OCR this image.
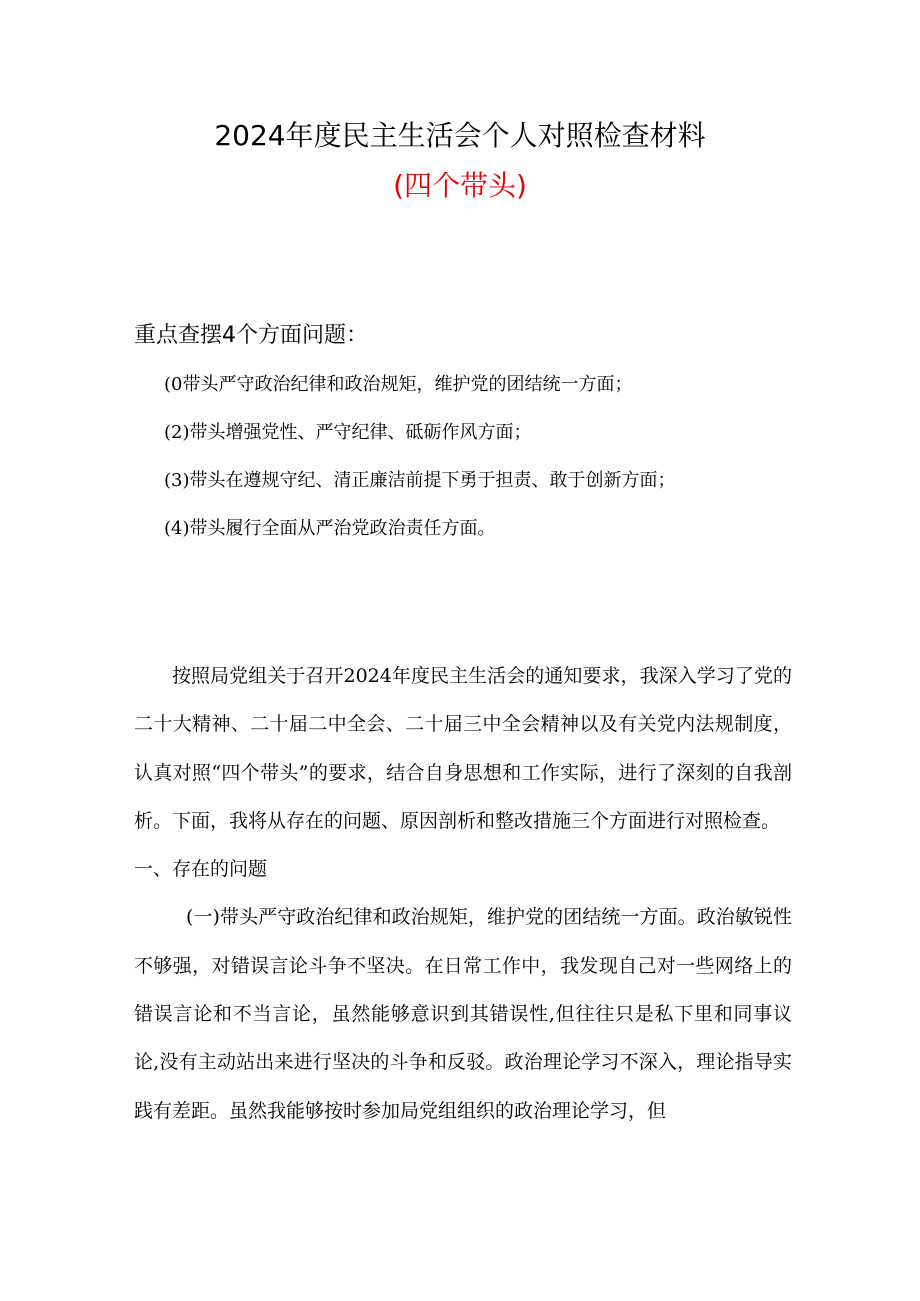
2024年度民主生活会个人对照检查材料
(四个带头)
重点查摆4个方面问题：
(0带头严守政治纪律和政治规矩，维护党的团结统一方面；
(2)带头增强党性、严守纪律、砥砺作风方面；
(3)带头在遵规守纪、清正廉洁前提下勇于担责、敢于创新方面；
(4)带头履行全面从严治党政治责任方面。

按照局党组关于召开2024年度民主生活会的通知要求，我深入学习了党的二十大精神、二十届二中全会、二十届三中全会精神以及有关党内法规制度，认真对照“四个带头”的要求，结合自身思想和工作实际，进行了深刻的自我剖析。下面，我将从存在的问题、原因剖析和整改措施三个方面进行对照检查。

一、存在的问题

(一)带头严守政治纪律和政治规矩，维护党的团结统一方面。政治敏锐性不够强，对错误言论斗争不坚决。在日常工作中，我发现自己对一些网络上的错误言论和不当言论，虽然能够意识到其错误性,但往往只是私下里和同事议论,没有主动站出来进行坚决的斗争和反驳。政治理论学习不深入，理论指导实践有差距。虽然我能够按时参加局党组组织的政治理论学习，但
